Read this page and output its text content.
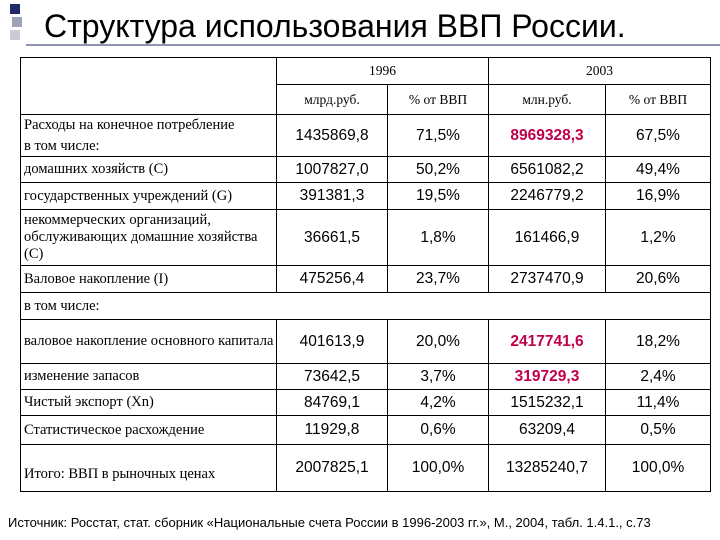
Структура использования ВВП России.
	1996		2003	
	млрд.руб.	% от ВВП	млн.руб.	% от ВВП
Расходы на конечное потребление	1435869,8	71,5%	8969328,3	67,5%
в том числе:				
домашних хозяйств (C)	1007827,0	50,2%	6561082,2	49,4%
государственных учреждений (G)	391381,3	19,5%	2246779,2	16,9%
некоммерческих организаций, обслуживающих домашние хозяйства (C)	36661,5	1,8%	161466,9	1,2%
Валовое накопление (I)	475256,4	23,7%	2737470,9	20,6%
в том числе:				
валовое накопление основного капитала	401613,9	20,0%	2417741,6	18,2%
изменение запасов	73642,5	3,7%	319729,3	2,4%
Чистый экспорт (Xn)	84769,1	4,2%	1515232,1	11,4%
Статистическое расхождение	11929,8	0,6%	63209,4	0,5%
Итого: ВВП в рыночных ценах	2007825,1	100,0%	13285240,7	100,0%
Источник: Росстат, стат. сборник «Национальные счета России в 1996-2003 гг.», М., 2004, табл. 1.4.1., с.73
